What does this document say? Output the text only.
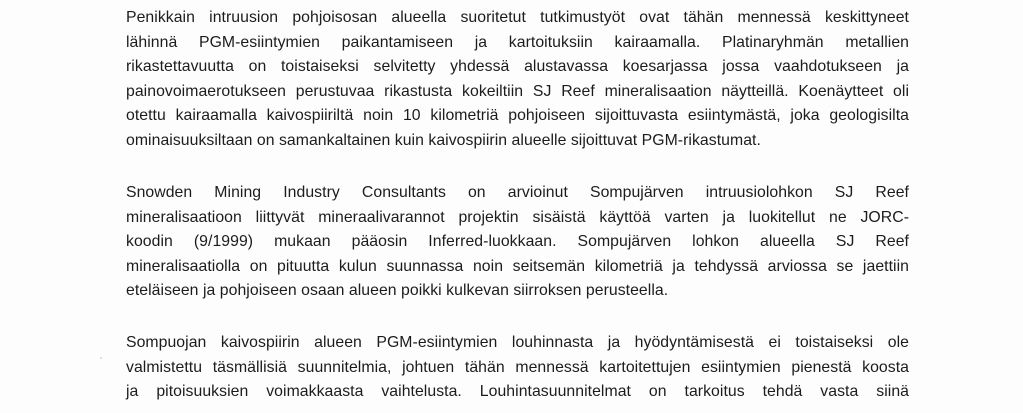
Penikkain intruusion pohjoisosan alueella suoritetut tutkimustyöt ovat tähän mennessä keskittyneet
lähinnä PGM-esiintymien paikantamiseen ja kartoituksiin kairaamalla. Platinaryhmän metallien
rikastettavuutta on toistaiseksi selvitetty yhdessä alustavassa koesarjassa jossa vaahdotukseen ja
painovoimaerotukseen perustuvaa rikastusta kokeiltiin SJ Reef mineralisaation näytteillä. Koenäytteet oli
otettu kairaamalla kaivospiiriltä noin 10 kilometriä pohjoiseen sijoittuvasta esiintymästä, joka geologisilta
ominaisuuksiltaan on samankaltainen kuin kaivospiirin alueelle sijoittuvat PGM-rikastumat.
Snowden Mining Industry Consultants on arvioinut Sompujärven intruusiolohkon SJ Reef
mineralisaatioon liittyvät mineraalivarannot projektin sisäistä käyttöä varten ja luokitellut ne JORC-
koodin (9/1999) mukaan pääosin Inferred-luokkaan. Sompujärven lohkon alueella SJ Reef
mineralisaatiolla on pituutta kulun suunnassa noin seitsemän kilometriä ja tehdyssä arviossa se jaettiin
eteläiseen ja pohjoiseen osaan alueen poikki kulkevan siirroksen perusteella.
Sompuojan kaivospiirin alueen PGM-esiintymien louhinnasta ja hyödyntämisestä ei toistaiseksi ole
valmistettu täsmällisiä suunnitelmia, johtuen tähän mennessä kartoitettujen esiintymien pienestä koosta
ja pitoisuuksien voimakkaasta vaihtelusta. Louhintasuunnitelmat on tarkoitus tehdä vasta siinä
